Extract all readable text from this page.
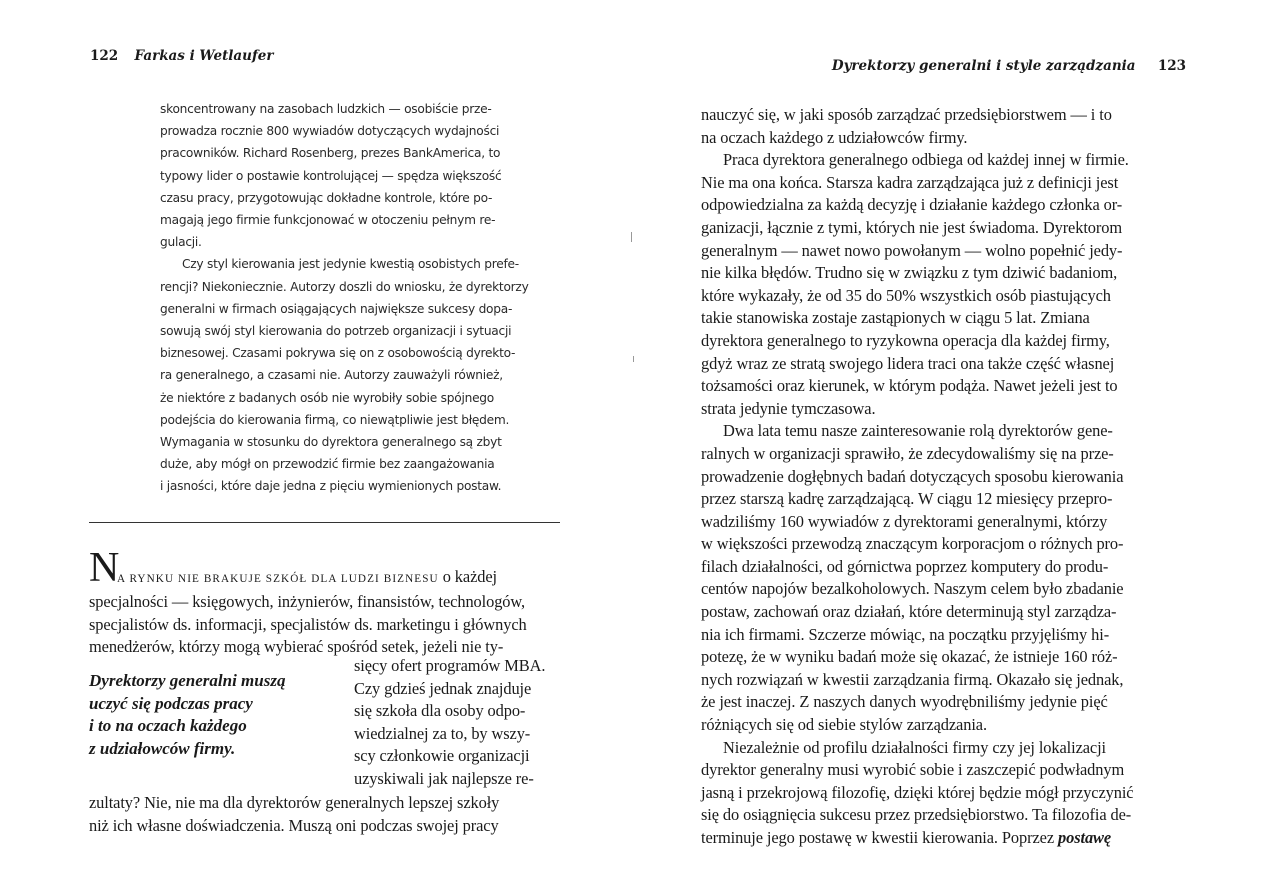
122 Farkas i Wetlaufer
skoncentrowany na zasobach ludzkich — osobiście prze-
prowadza rocznie 800 wywiadów dotyczących wydajności
pracowników. Richard Rosenberg, prezes BankAmerica, to
typowy lider o postawie kontrolującej — spędza większość
czasu pracy, przygotowując dokładne kontrole, które po-
magają jego firmie funkcjonować w otoczeniu pełnym re-
gulacji.
Czy styl kierowania jest jedynie kwestią osobistych prefe-
rencji? Niekoniecznie. Autorzy doszli do wniosku, że dyrektorzy
generalni w firmach osiągających największe sukcesy dopa-
sowują swój styl kierowania do potrzeb organizacji i sytuacji
biznesowej. Czasami pokrywa się on z osobowością dyrekto-
ra generalnego, a czasami nie. Autorzy zauważyli również,
że niektóre z badanych osób nie wyrobiły sobie spójnego
podejścia do kierowania firmą, co niewątpliwie jest błędem.
Wymagania w stosunku do dyrektora generalnego są zbyt
duże, aby mógł on przewodzić firmie bez zaangażowania
i jasności, które daje jedna z pięciu wymienionych postaw.
N
A RYNKU NIE BRAKUJE SZKÓŁ DLA LUDZI BIZNESU o każdej
specjalności — księgowych, inżynierów, finansistów, technologów,
specjalistów ds. informacji, specjalistów ds. marketingu i głównych
menedżerów, którzy mogą wybierać spośród setek, jeżeli nie ty-
Dyrektorzy generalni muszą
uczyć się podczas pracy
i to na oczach każdego
z udziałowców firmy.
sięcy ofert programów MBA.
Czy gdzieś jednak znajduje
się szkoła dla osoby odpo-
wiedzialnej za to, by wszy-
scy członkowie organizacji
uzyskiwali jak najlepsze re-
zultaty? Nie, nie ma dla dyrektorów generalnych lepszej szkoły
niż ich własne doświadczenia. Muszą oni podczas swojej pracy
Dyrektorzy generalni i style zarządzania 123
nauczyć się, w jaki sposób zarządzać przedsiębiorstwem — i to
na oczach każdego z udziałowców firmy.
Praca dyrektora generalnego odbiega od każdej innej w firmie.
Nie ma ona końca. Starsza kadra zarządzająca już z definicji jest
odpowiedzialna za każdą decyzję i działanie każdego członka or-
ganizacji, łącznie z tymi, których nie jest świadoma. Dyrektorom
generalnym — nawet nowo powołanym — wolno popełnić jedy-
nie kilka błędów. Trudno się w związku z tym dziwić badaniom,
które wykazały, że od 35 do 50% wszystkich osób piastujących
takie stanowiska zostaje zastąpionych w ciągu 5 lat. Zmiana
dyrektora generalnego to ryzykowna operacja dla każdej firmy,
gdyż wraz ze stratą swojego lidera traci ona także część własnej
tożsamości oraz kierunek, w którym podąża. Nawet jeżeli jest to
strata jedynie tymczasowa.
Dwa lata temu nasze zainteresowanie rolą dyrektorów gene-
ralnych w organizacji sprawiło, że zdecydowaliśmy się na prze-
prowadzenie dogłębnych badań dotyczących sposobu kierowania
przez starszą kadrę zarządzającą. W ciągu 12 miesięcy przepro-
wadziliśmy 160 wywiadów z dyrektorami generalnymi, którzy
w większości przewodzą znaczącym korporacjom o różnych pro-
filach działalności, od górnictwa poprzez komputery do produ-
centów napojów bezalkoholowych. Naszym celem było zbadanie
postaw, zachowań oraz działań, które determinują styl zarządza-
nia ich firmami. Szczerze mówiąc, na początku przyjęliśmy hi-
potezę, że w wyniku badań może się okazać, że istnieje 160 róż-
nych rozwiązań w kwestii zarządzania firmą. Okazało się jednak,
że jest inaczej. Z naszych danych wyodrębniliśmy jedynie pięć
różniących się od siebie stylów zarządzania.
Niezależnie od profilu działalności firmy czy jej lokalizacji
dyrektor generalny musi wyrobić sobie i zaszczepić podwładnym
jasną i przekrojową filozofię, dzięki której będzie mógł przyczynić
się do osiągnięcia sukcesu przez przedsiębiorstwo. Ta filozofia de-
terminuje jego postawę w kwestii kierowania. Poprzez postawę
